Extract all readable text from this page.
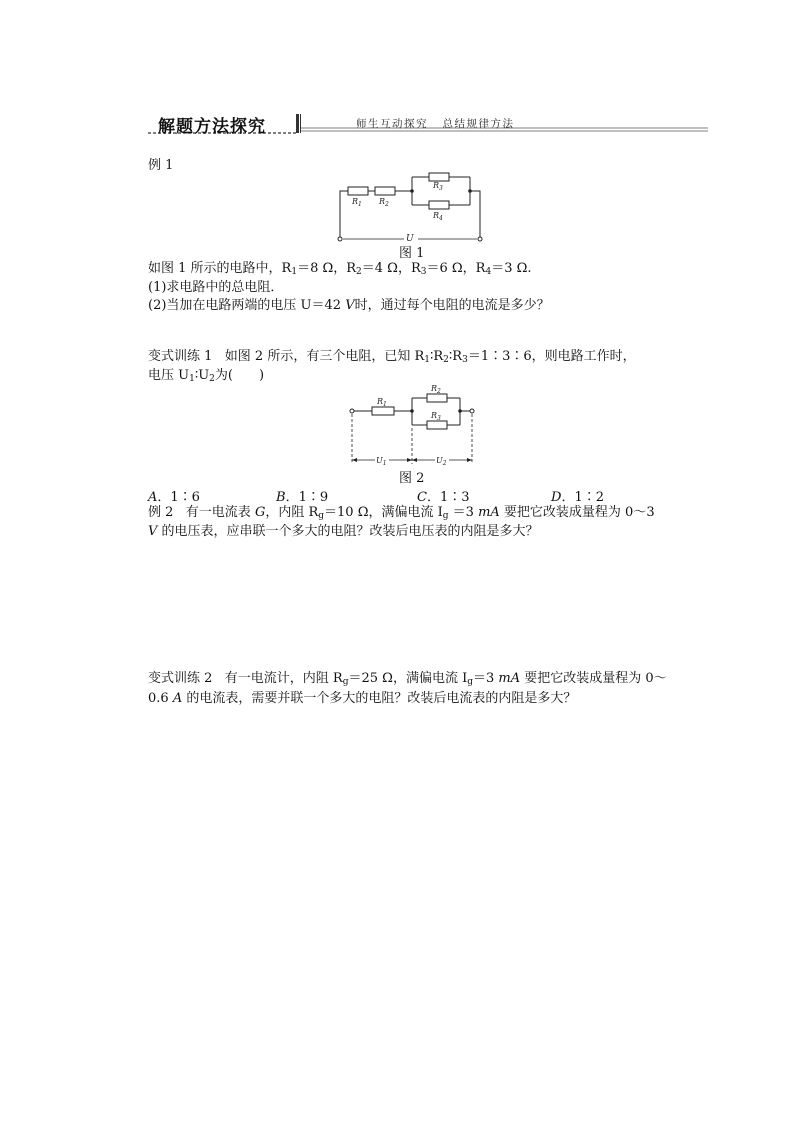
解题方法探究	师生互动探究   总结规律方法
例 1
U
$R_1$ $R_2$
$R_3$
$R_4$
图 1
如图 1 所示的电路中，$R_1=8$ Ω，$R_2=4$ Ω，$R_3=6$ Ω，$R_4=3$ Ω.
(1)求电路中的总电阻．
(2)当加在电路两端的电压 U＝42 V时，通过每个电阻的电流是多少？
变式训练 1   如图 2 所示，有三个电阻，已知 $R_1∶R_2∶R_3=1∶3∶6$，则电路工作时，
电压 $U_1∶U_2$为(　　)
$U_1$	$U_2$
$R_1$
$R_2$
$R_3$
图 2
A．1∶6	B．1∶9	C．1∶3	D．1∶2
例 2   有一电流表 G，内阻 $R_g=10$ Ω，满偏电流 $I_g =3$ mA 要把它改装成量程为 0～3
V 的电压表，应串联一个多大的电阻？改装后电压表的内阻是多大？
变式训练 2   有一电流计，内阻 $R_g=25$ Ω，满偏电流 $I_g=3$ mA 要把它改装成量程为 0～
0.6 A 的电流表，需要并联一个多大的电阻？改装后电流表的内阻是多大？
